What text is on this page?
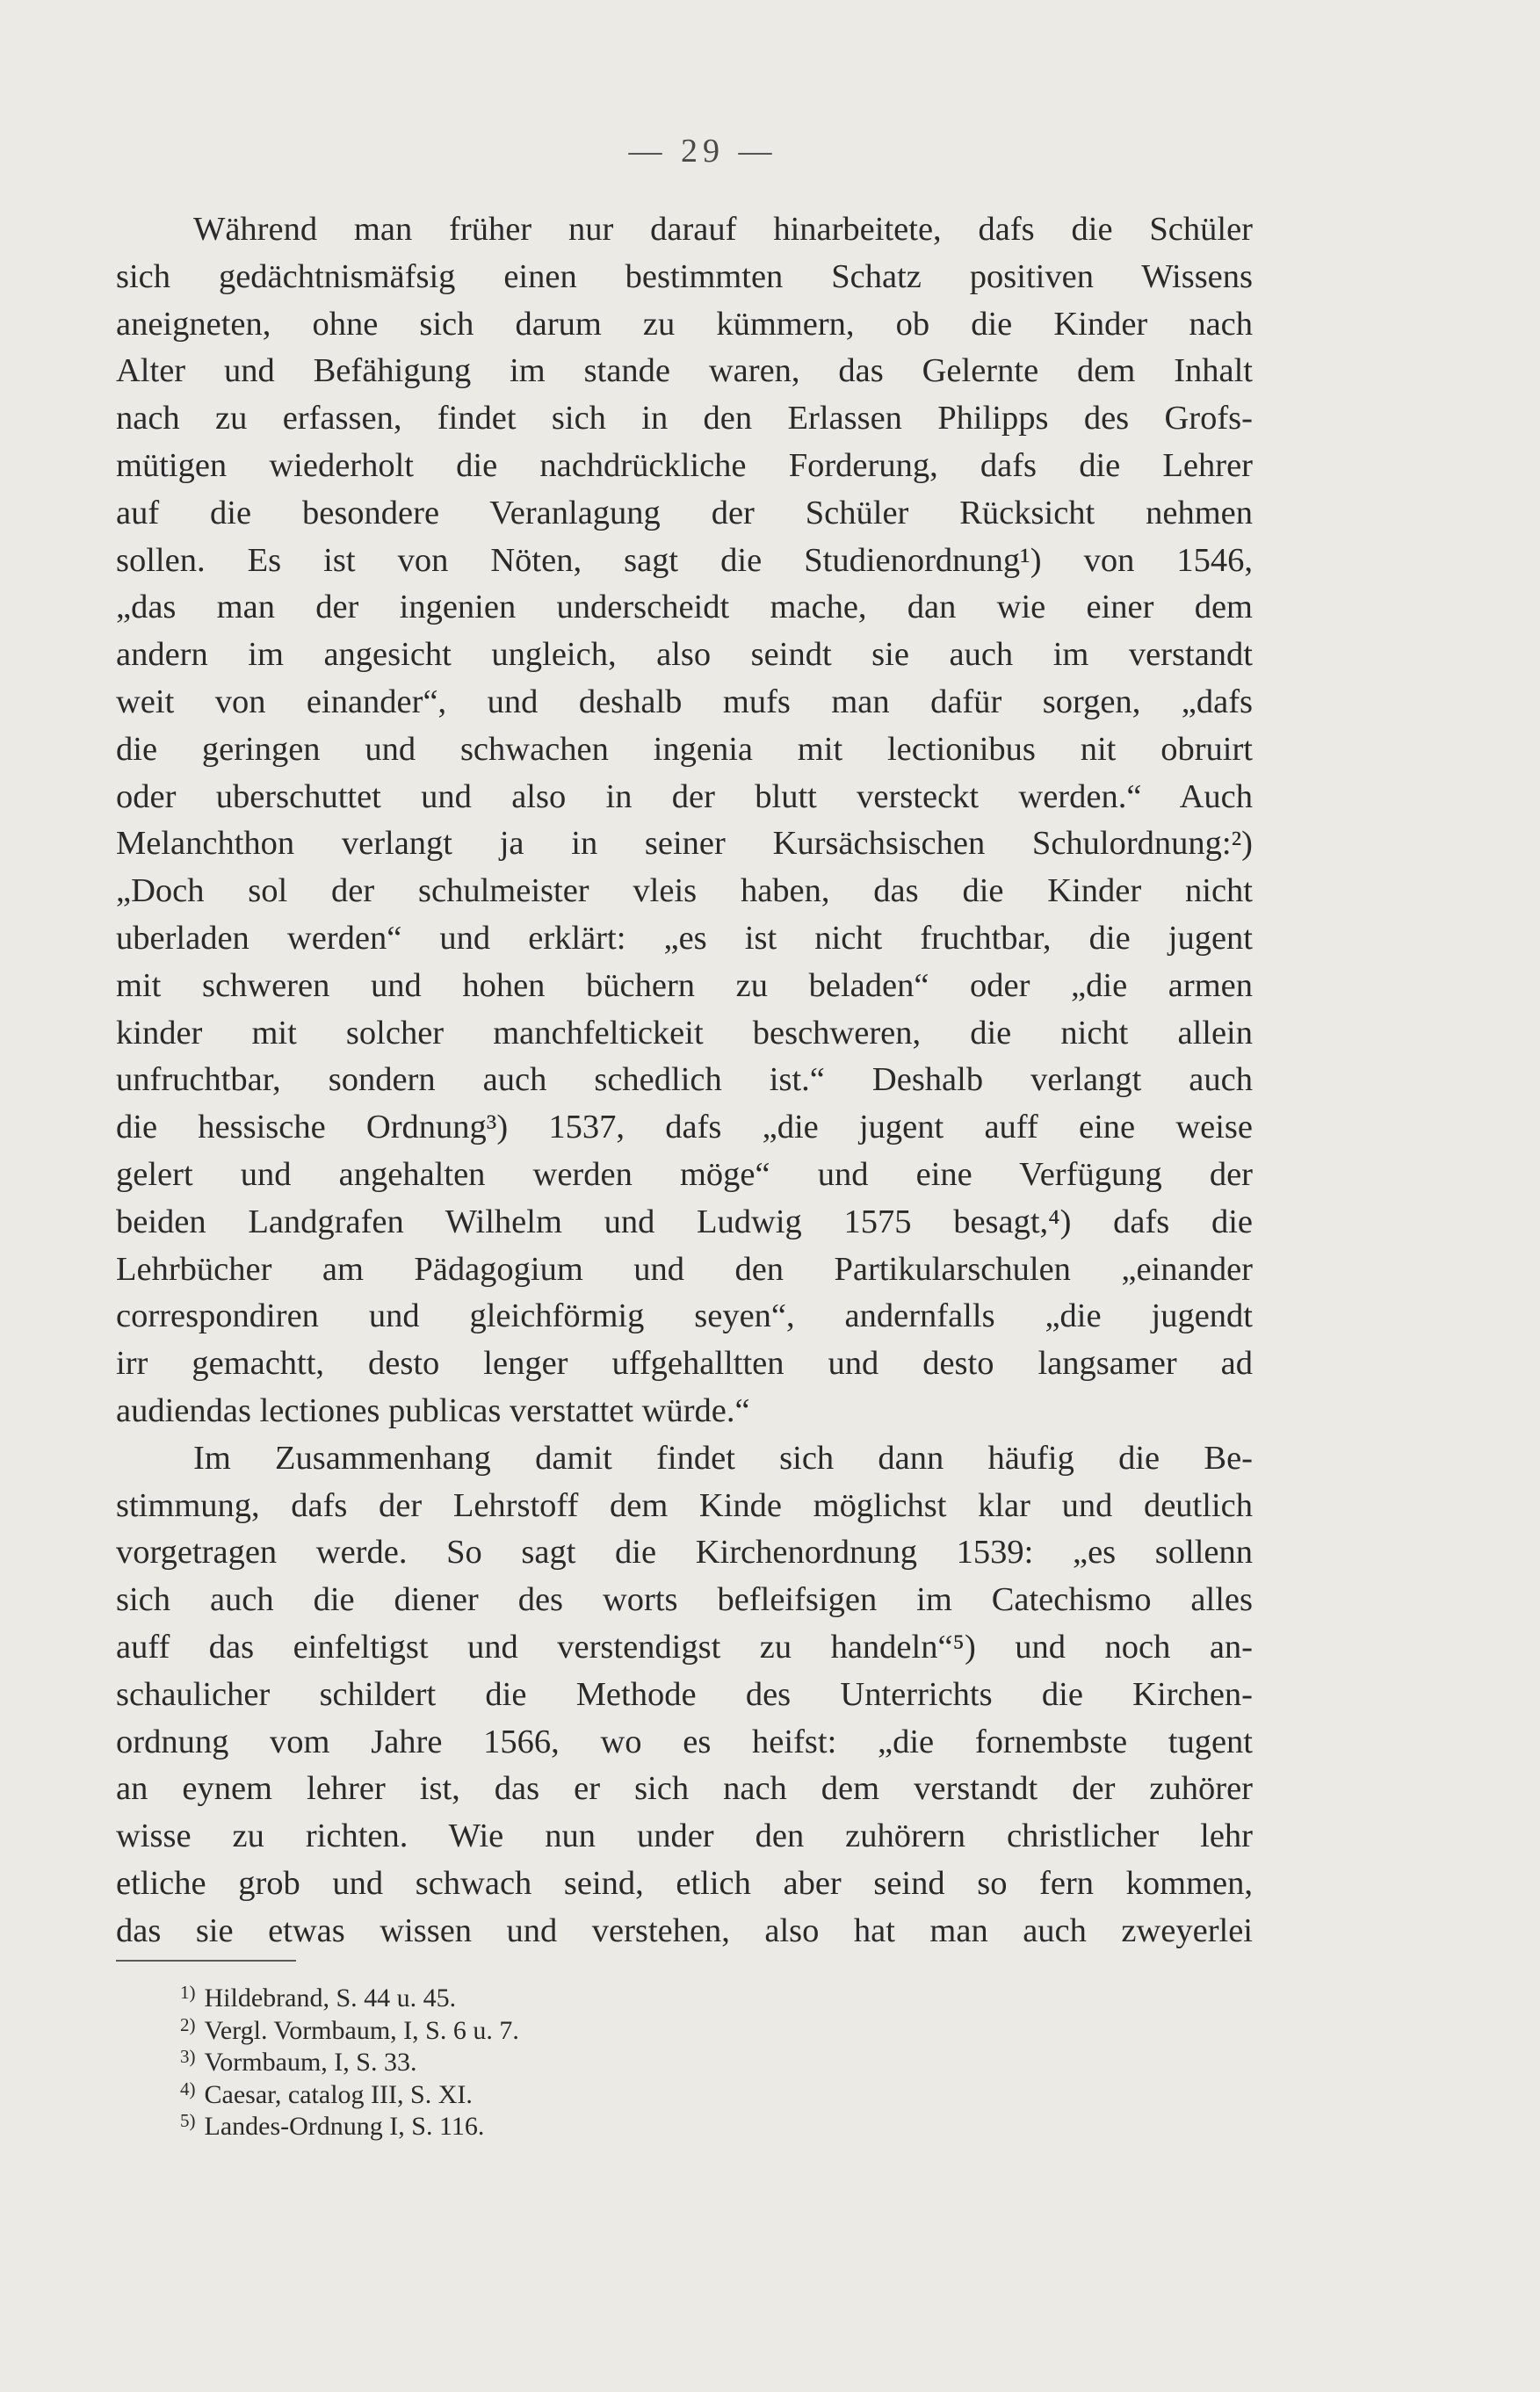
— 29 —
Während man früher nur darauf hinarbeitete, dafs die Schüler
sich gedächtnismäfsig einen bestimmten Schatz positiven Wissens
aneigneten, ohne sich darum zu kümmern, ob die Kinder nach
Alter und Befähigung im stande waren, das Gelernte dem Inhalt
nach zu erfassen, findet sich in den Erlassen Philipps des Grofs-
mütigen wiederholt die nachdrückliche Forderung, dafs die Lehrer
auf die besondere Veranlagung der Schüler Rücksicht nehmen
sollen. Es ist von Nöten, sagt die Studienordnung¹) von 1546,
„das man der ingenien underscheidt mache, dan wie einer dem
andern im angesicht ungleich, also seindt sie auch im verstandt
weit von einander“, und deshalb mufs man dafür sorgen, „dafs
die geringen und schwachen ingenia mit lectionibus nit obruirt
oder uberschuttet und also in der blutt versteckt werden.“ Auch
Melanchthon verlangt ja in seiner Kursächsischen Schulordnung:²)
„Doch sol der schulmeister vleis haben, das die Kinder nicht
uberladen werden“ und erklärt: „es ist nicht fruchtbar, die jugent
mit schweren und hohen büchern zu beladen“ oder „die armen
kinder mit solcher manchfeltickeit beschweren, die nicht allein
unfruchtbar, sondern auch schedlich ist.“ Deshalb verlangt auch
die hessische Ordnung³) 1537, dafs „die jugent auff eine weise
gelert und angehalten werden möge“ und eine Verfügung der
beiden Landgrafen Wilhelm und Ludwig 1575 besagt,⁴) dafs die
Lehrbücher am Pädagogium und den Partikularschulen „einander
correspondiren und gleichförmig seyen“, andernfalls „die jugendt
irr gemachtt, desto lenger uffgehalltten und desto langsamer ad
audiendas lectiones publicas verstattet würde.“
Im Zusammenhang damit findet sich dann häufig die Be-
stimmung, dafs der Lehrstoff dem Kinde möglichst klar und deutlich
vorgetragen werde. So sagt die Kirchenordnung 1539: „es sollenn
sich auch die diener des worts befleifsigen im Catechismo alles
auff das einfeltigst und verstendigst zu handeln“⁵) und noch an-
schaulicher schildert die Methode des Unterrichts die Kirchen-
ordnung vom Jahre 1566, wo es heifst: „die fornembste tugent
an eynem lehrer ist, das er sich nach dem verstandt der zuhörer
wisse zu richten. Wie nun under den zuhörern christlicher lehr
etliche grob und schwach seind, etlich aber seind so fern kommen,
das sie etwas wissen und verstehen, also hat man auch zweyerlei
$^{1)}$ Hildebrand, S. 44 u. 45.
$^{2)}$ Vergl. Vormbaum, I, S. 6 u. 7.
$^{3)}$ Vormbaum, I, S. 33.
$^{4)}$ Caesar, catalog III, S. XI.
$^{5)}$ Landes-Ordnung I, S. 116.
